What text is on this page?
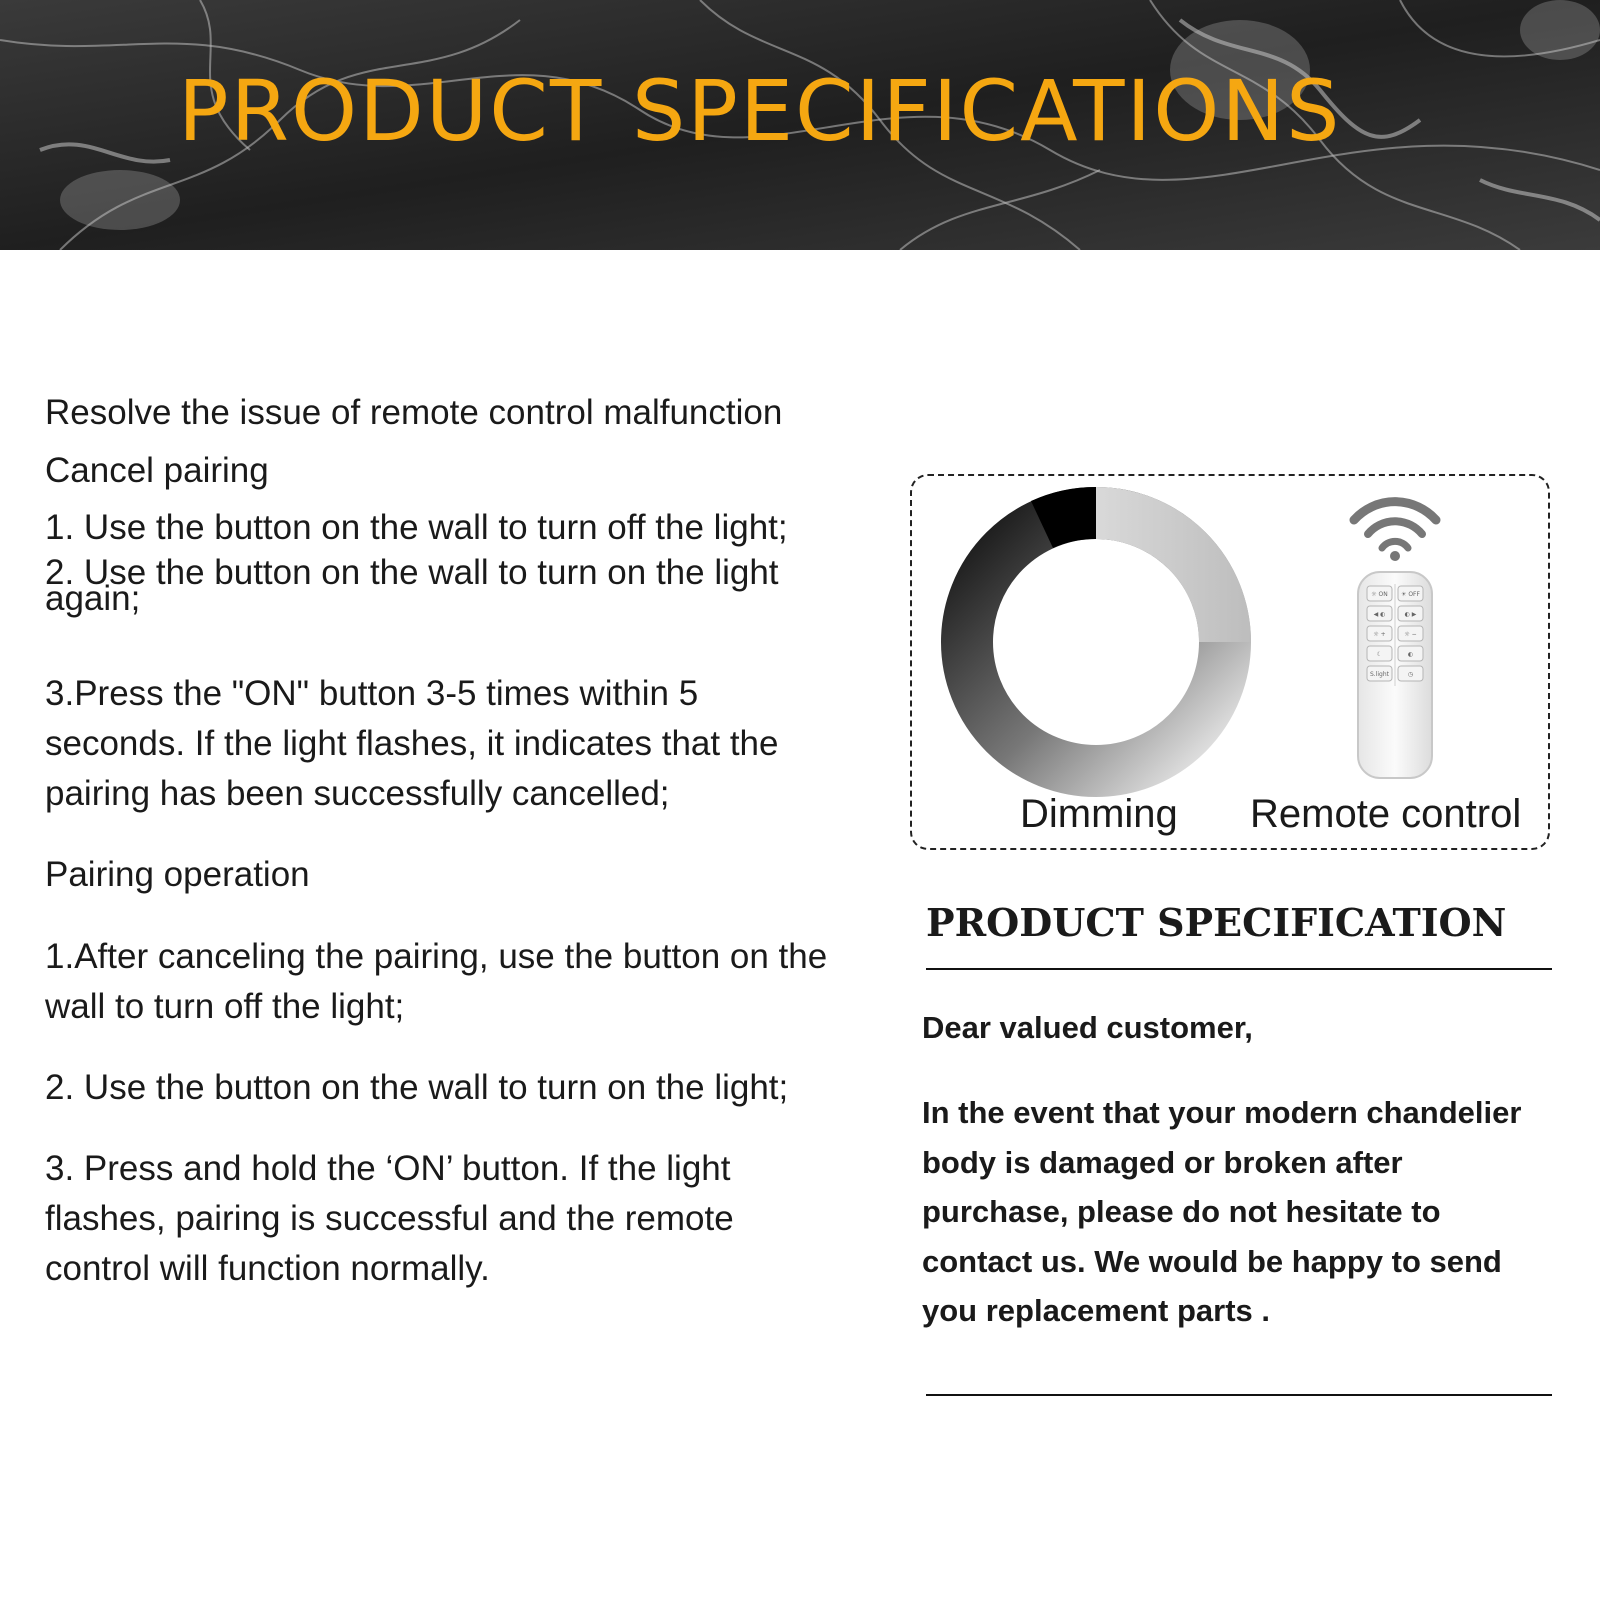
PRODUCT SPECIFICATIONS
Resolve the issue of remote control malfunction
Cancel pairing
1. Use the button on the wall to turn off the light;
2. Use the button on the wall to turn on the light again;
3.Press the "ON" button 3-5 times within 5 seconds. If the light flashes, it indicates that the pairing has been successfully cancelled;
Pairing operation
1.After canceling the pairing, use the button on the wall to turn off the light;
2. Use the button on the wall to turn on the light;
3. Press and hold the ‘ON’ button. If the light flashes, pairing is successful and the remote control will function normally.
☼ ON ☀ OFF
◀ ◐	◐ ▶
☼ +	☼ −
☾	◐
S.light	◷
Dimming Remote control
PRODUCT SPECIFICATION
Dear valued customer,
In the event that your modern chandelier body is damaged or broken after purchase, please do not hesitate to contact us. We would be happy to send you replacement parts .
